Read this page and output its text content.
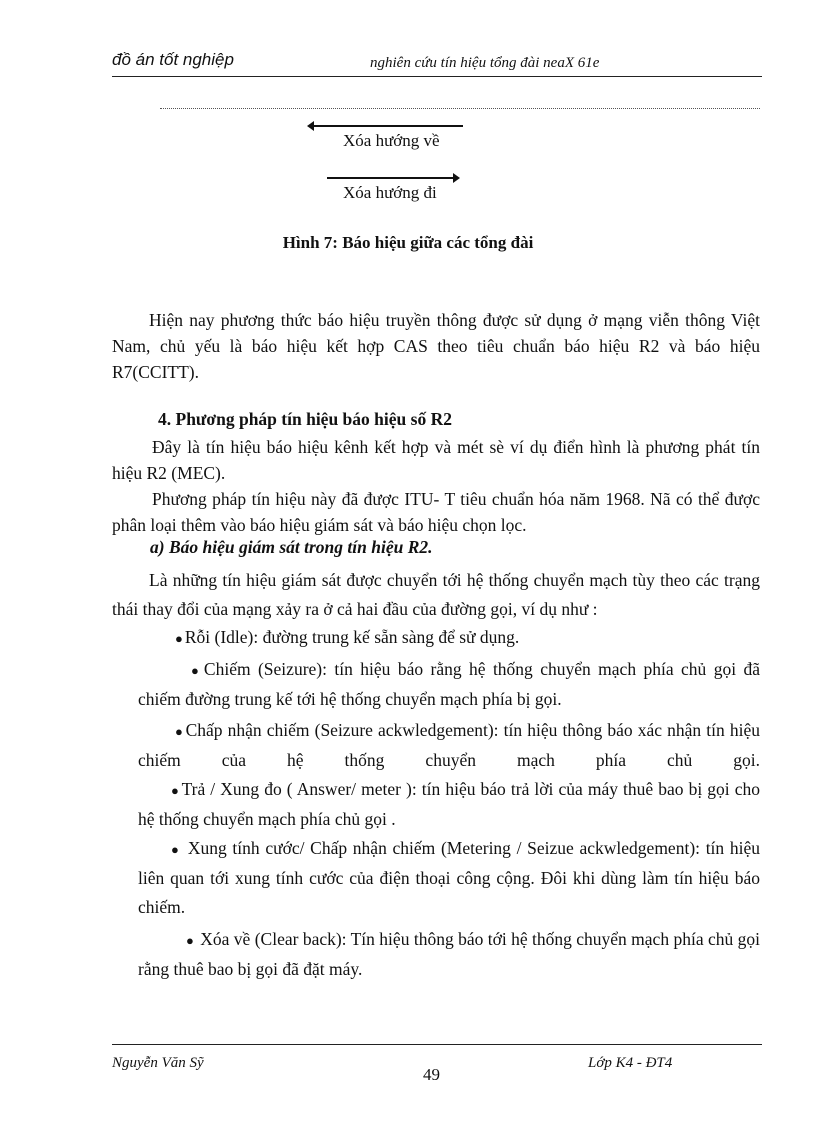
đồ án tốt nghiệp	nghiên cứu tín hiệu tổng đài neaX 61e
Xóa hướng về
Xóa hướng đi
Hình 7: Báo hiệu giữa các tổng đài

Hiện nay phương thức báo hiệu truyền thông được sử dụng ở mạng viễn thông Việt Nam, chủ yếu là báo hiệu kết hợp CAS theo tiêu chuẩn báo hiệu R2 và báo hiệu R7(CCITT).

4. Phương pháp tín hiệu báo hiệu số R2

Đây là tín hiệu báo hiệu kênh kết hợp và mét sè ví dụ điển hình là phương phát tín hiệu R2 (MEC).

Phương pháp tín hiệu này đã được ITU- T tiêu chuẩn hóa năm 1968. Nã có thể được phân loại thêm vào báo hiệu giám sát và báo hiệu chọn lọc.

a) Báo hiệu giám sát trong tín hiệu R2.

Là những tín hiệu giám sát được chuyển tới hệ thống chuyển mạch tùy theo các trạng thái thay đổi của mạng xảy ra ở cả hai đầu của đường gọi, ví dụ như :

● Rỗi (Idle): đường trung kế sẵn sàng để sử dụng.

● Chiếm (Seizure): tín hiệu báo rằng hệ thống chuyển mạch phía chủ gọi đã chiếm đường trung kế tới hệ thống chuyển mạch phía bị gọi.

● Chấp nhận chiếm (Seizure ackwledgement): tín hiệu thông báo xác nhận tín hiệu chiếm của hệ thống chuyển mạch phía chủ gọi.

● Trả / Xung đo ( Answer/ meter ): tín hiệu báo trả lời của máy thuê bao bị gọi cho hệ thống chuyển mạch phía chủ gọi .

● Xung tính cước/ Chấp nhận chiếm (Metering / Seizue ackwledgement): tín hiệu liên quan tới xung tính cước của điện thoại công cộng. Đôi khi dùng làm tín hiệu báo chiếm.

● Xóa về (Clear back): Tín hiệu thông báo tới hệ thống chuyển mạch phía chủ gọi rằng thuê bao bị gọi đã đặt máy.

Nguyễn Văn Sỹ	Lớp K4 - ĐT4
49
